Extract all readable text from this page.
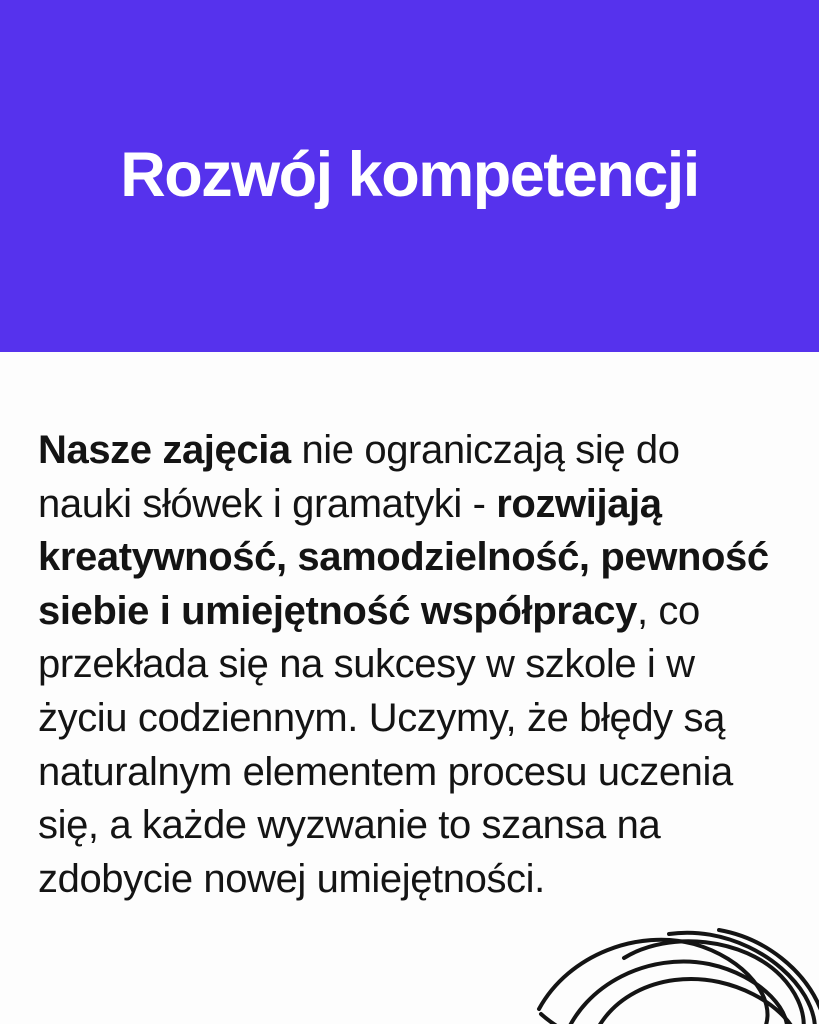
Rozwój kompetencji

Nasze zajęcia nie ograniczają się do nauki słówek i gramatyki - rozwijają kreatywność, samodzielność, pewność siebie i umiejętność współpracy, co przekłada się na sukcesy w szkole i w życiu codziennym. Uczymy, że błędy są naturalnym elementem procesu uczenia się, a każde wyzwanie to szansa na zdobycie nowej umiejętności.
